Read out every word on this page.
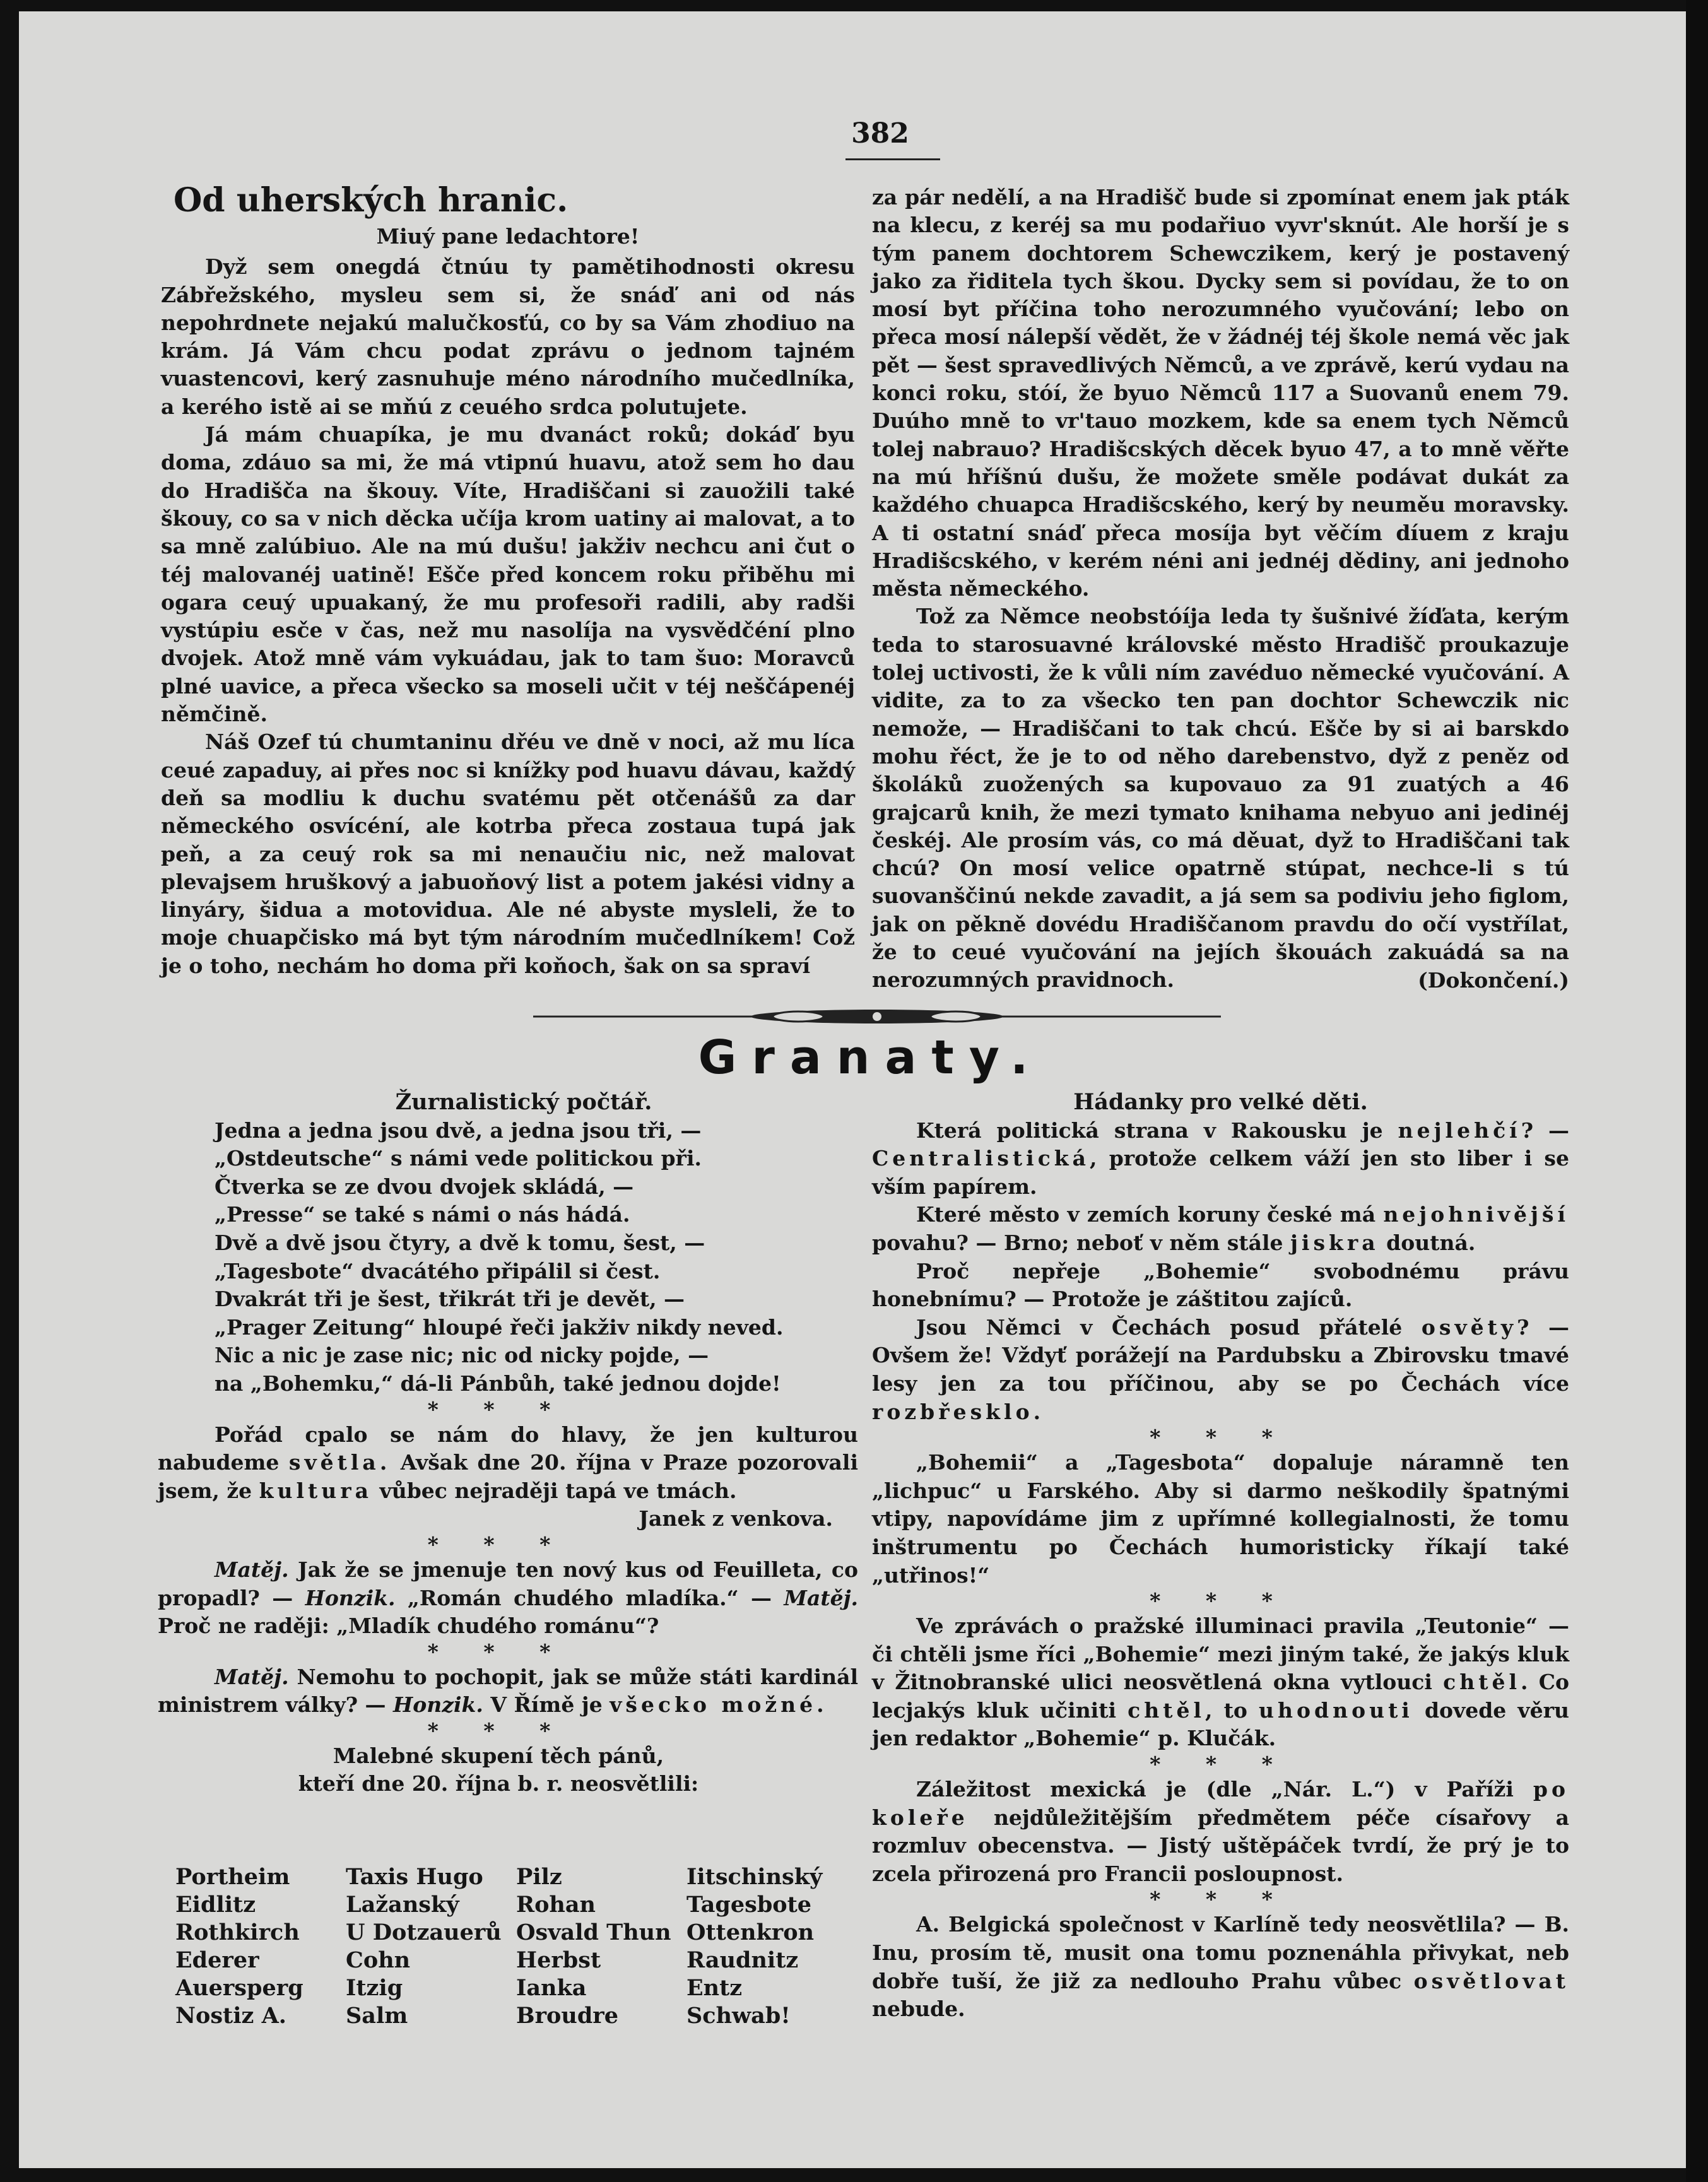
382
Od uherských hranic.
Miuý pane ledachtore!

Dyž sem onegdá čtnúu ty pamětihodnosti okresu Zábřežského, mysleu sem si, že snáď ani od nás nepohrdnete nejakú malučkosťú, co by sa Vám zhodiuo na krám. Já Vám chcu podat zprávu o jednom tajném vuastencovi, kerý zasnuhuje méno národního mučedlníka, a kerého istě ai se mňú z ceuého srdca polutujete.

Já mám chuapíka, je mu dvanáct roků; dokáď byu doma, zdáuo sa mi, že má vtipnú huavu, atož sem ho dau do Hradišča na škouy. Víte, Hradiščani si zauožili také škouy, co sa v nich děcka učíja krom uatiny ai malovat, a to sa mně zalúbiuo. Ale na mú dušu! jakživ nechcu ani čut o téj malovanéj uatině! Ešče před koncem roku přiběhu mi ogara ceuý upuakaný, že mu profesoři radili, aby radši vystúpiu esče v čas, než mu nasolíja na vysvědčéní plno dvojek. Atož mně vám vykuádau, jak to tam šuo: Moravců plné uavice, a přeca všecko sa moseli učit v téj neščápenéj němčině.

Náš Ozef tú chumtaninu dřéu ve dně v noci, až mu líca ceué zapaduy, ai přes noc si knížky pod huavu dávau, každý deň sa modliu k duchu svatému pět otčenášů za dar německého osvícéní, ale kotrba přeca zostaua tupá jak peň, a za ceuý rok sa mi nenaučiu nic, než malovat plevajsem hruškový a jabuoňový list a potem jakési vidny a linyáry, šidua a motovidua. Ale né abyste mysleli, že to moje chuapčisko má byt tým národním mučedlníkem! Což je o toho, nechám ho doma při koňoch, šak on sa spraví

za pár nedělí, a na Hradišč bude si zpomínat enem jak pták na klecu, z keréj sa mu podařiuo vyvr'sknút. Ale horší je s tým panem dochtorem Schewczikem, kerý je postavený jako za řiditela tych škou. Dycky sem si povídau, že to on mosí byt příčina toho nerozumného vyučování; lebo on přeca mosí nálepší vědět, že v žádnéj téj škole nemá věc jak pět — šest spravedlivých Němců, a ve zprávě, kerú vydau na konci roku, stóí, že byuo Němců 117 a Suovanů enem 79. Duúho mně to vr'tauo mozkem, kde sa enem tych Němců tolej nabrauo? Hradišcských děcek byuo 47, a to mně věřte na mú hříšnú dušu, že možete směle podávat dukát za každého chuapca Hradišcského, kerý by neuměu moravsky. A ti ostatní snáď přeca mosíja byt věčím díuem z kraju Hradišcského, v kerém néni ani jednéj dědiny, ani jednoho města německého.

Tož za Němce neobstóíja leda ty šušnivé žíďata, kerým teda to starosuavné královské město Hradišč proukazuje tolej uctivosti, že k vůli ním zavéduo německé vyučování. A vidite, za to za všecko ten pan dochtor Schewczik nic nemože, — Hradiščani to tak chcú. Ešče by si ai barskdo mohu řéct, že je to od něho darebenstvo, dyž z peněz od školáků zuožených sa kupovauo za 91 zuatých a 46 grajcarů knih, že mezi tymato knihama nebyuo ani jedinéj českéj. Ale prosím vás, co má děuat, dyž to Hradiščani tak chcú? On mosí velice opatrně stúpat, nechce-li s tú suovanščinú nekde zavadit, a já sem sa podiviu jeho figlom, jak on pěkně dovédu Hradiščanom pravdu do očí vystřílat, že to ceué vyučování na jejích škouách zakuádá sa na nerozumných pravidnoch.	(Dokončení.)
Granaty.
Žurnalistický počtář.
Jedna a jedna jsou dvě, a jedna jsou tři, —
„Ostdeutsche“ s námi vede politickou při.
Čtverka se ze dvou dvojek skládá, —
„Presse“ se také s námi o nás hádá.
Dvě a dvě jsou čtyry, a dvě k tomu, šest, —
„Tagesbote“ dvacátého připálil si čest.
Dvakrát tři je šest, třikrát tři je devět, —
„Prager Zeitung“ hloupé řeči jakživ nikdy neved.
Nic a nic je zase nic; nic od nicky pojde, —
na „Bohemku,“ dá-li Pánbůh, také jednou dojde!
* * *

Pořád cpalo se nám do hlavy, že jen kulturou nabudeme světla. Avšak dne 20. října v Praze pozorovali jsem, že kultura vůbec nejraději tapá ve tmách.

Janek z venkova.
* * *

Matěj. Jak že se jmenuje ten nový kus od Feuilleta, co propadl? — Honzik. „Román chudého mladíka.“ — Matěj. Proč ne raději: „Mladík chudého románu“?

* * *

Matěj. Nemohu to pochopit, jak se může státi kardinál ministrem války? — Honzik. V Římě je všecko možné.

* * *
Malebné skupení těch pánů,
kteří dne 20. října b. r. neosvětlili:
Portheim
Eidlitz
Rothkirch
Ederer
Auersperg
Nostiz A.
Taxis Hugo
Lažanský
U Dotzauerů
Cohn
Itzig
Salm
Pilz
Rohan
Osvald Thun
Herbst
Ianka
Broudre
Iitschinský
Tagesbote
Ottenkron
Raudnitz
Entz
Schwab!
Hádanky pro velké děti.

Která politická strana v Rakousku je nejlehčí? — Centralistická, protože celkem váží jen sto liber i se vším papírem.

Které město v zemích koruny české má nejohnivější povahu? — Brno; neboť v něm stále jiskra doutná.

Proč nepřeje „Bohemie“ svobodnému právu honebnímu? — Protože je záštitou zajíců.

Jsou Němci v Čechách posud přátelé osvěty? — Ovšem že! Vždyť porážejí na Pardubsku a Zbirovsku tmavé lesy jen za tou příčinou, aby se po Čechách více rozbřesklo.

* * *

„Bohemii“ a „Tagesbota“ dopaluje náramně ten „lichpuc“ u Farského. Aby si darmo neškodily špatnými vtipy, napovídáme jim z upřímné kollegialnosti, že tomu inštrumentu po Čechách humoristicky říkají také „utřinos!“

* * *

Ve zprávách o pražské illuminaci pravila „Teutonie“ — či chtěli jsme říci „Bohemie“ mezi jiným také, že jakýs kluk v Žitnobranské ulici neosvětlená okna vytlouci chtěl. Co lecjakýs kluk učiniti chtěl, to uhodnouti dovede věru jen redaktor „Bohemie“ p. Klučák.

* * *

Záležitost mexická je (dle „Nár. L.“) v Paříži po koleře nejdůležitějším předmětem péče císařovy a rozmluv obecenstva. — Jistý uštěpáček tvrdí, že prý je to zcela přirozená pro Francii posloupnost.

* * *

A. Belgická společnost v Karlíně tedy neosvětlila? — B. Inu, prosím tě, musit ona tomu poznenáhla přivykat, neb dobře tuší, že již za nedlouho Prahu vůbec osvětlovat nebude.
